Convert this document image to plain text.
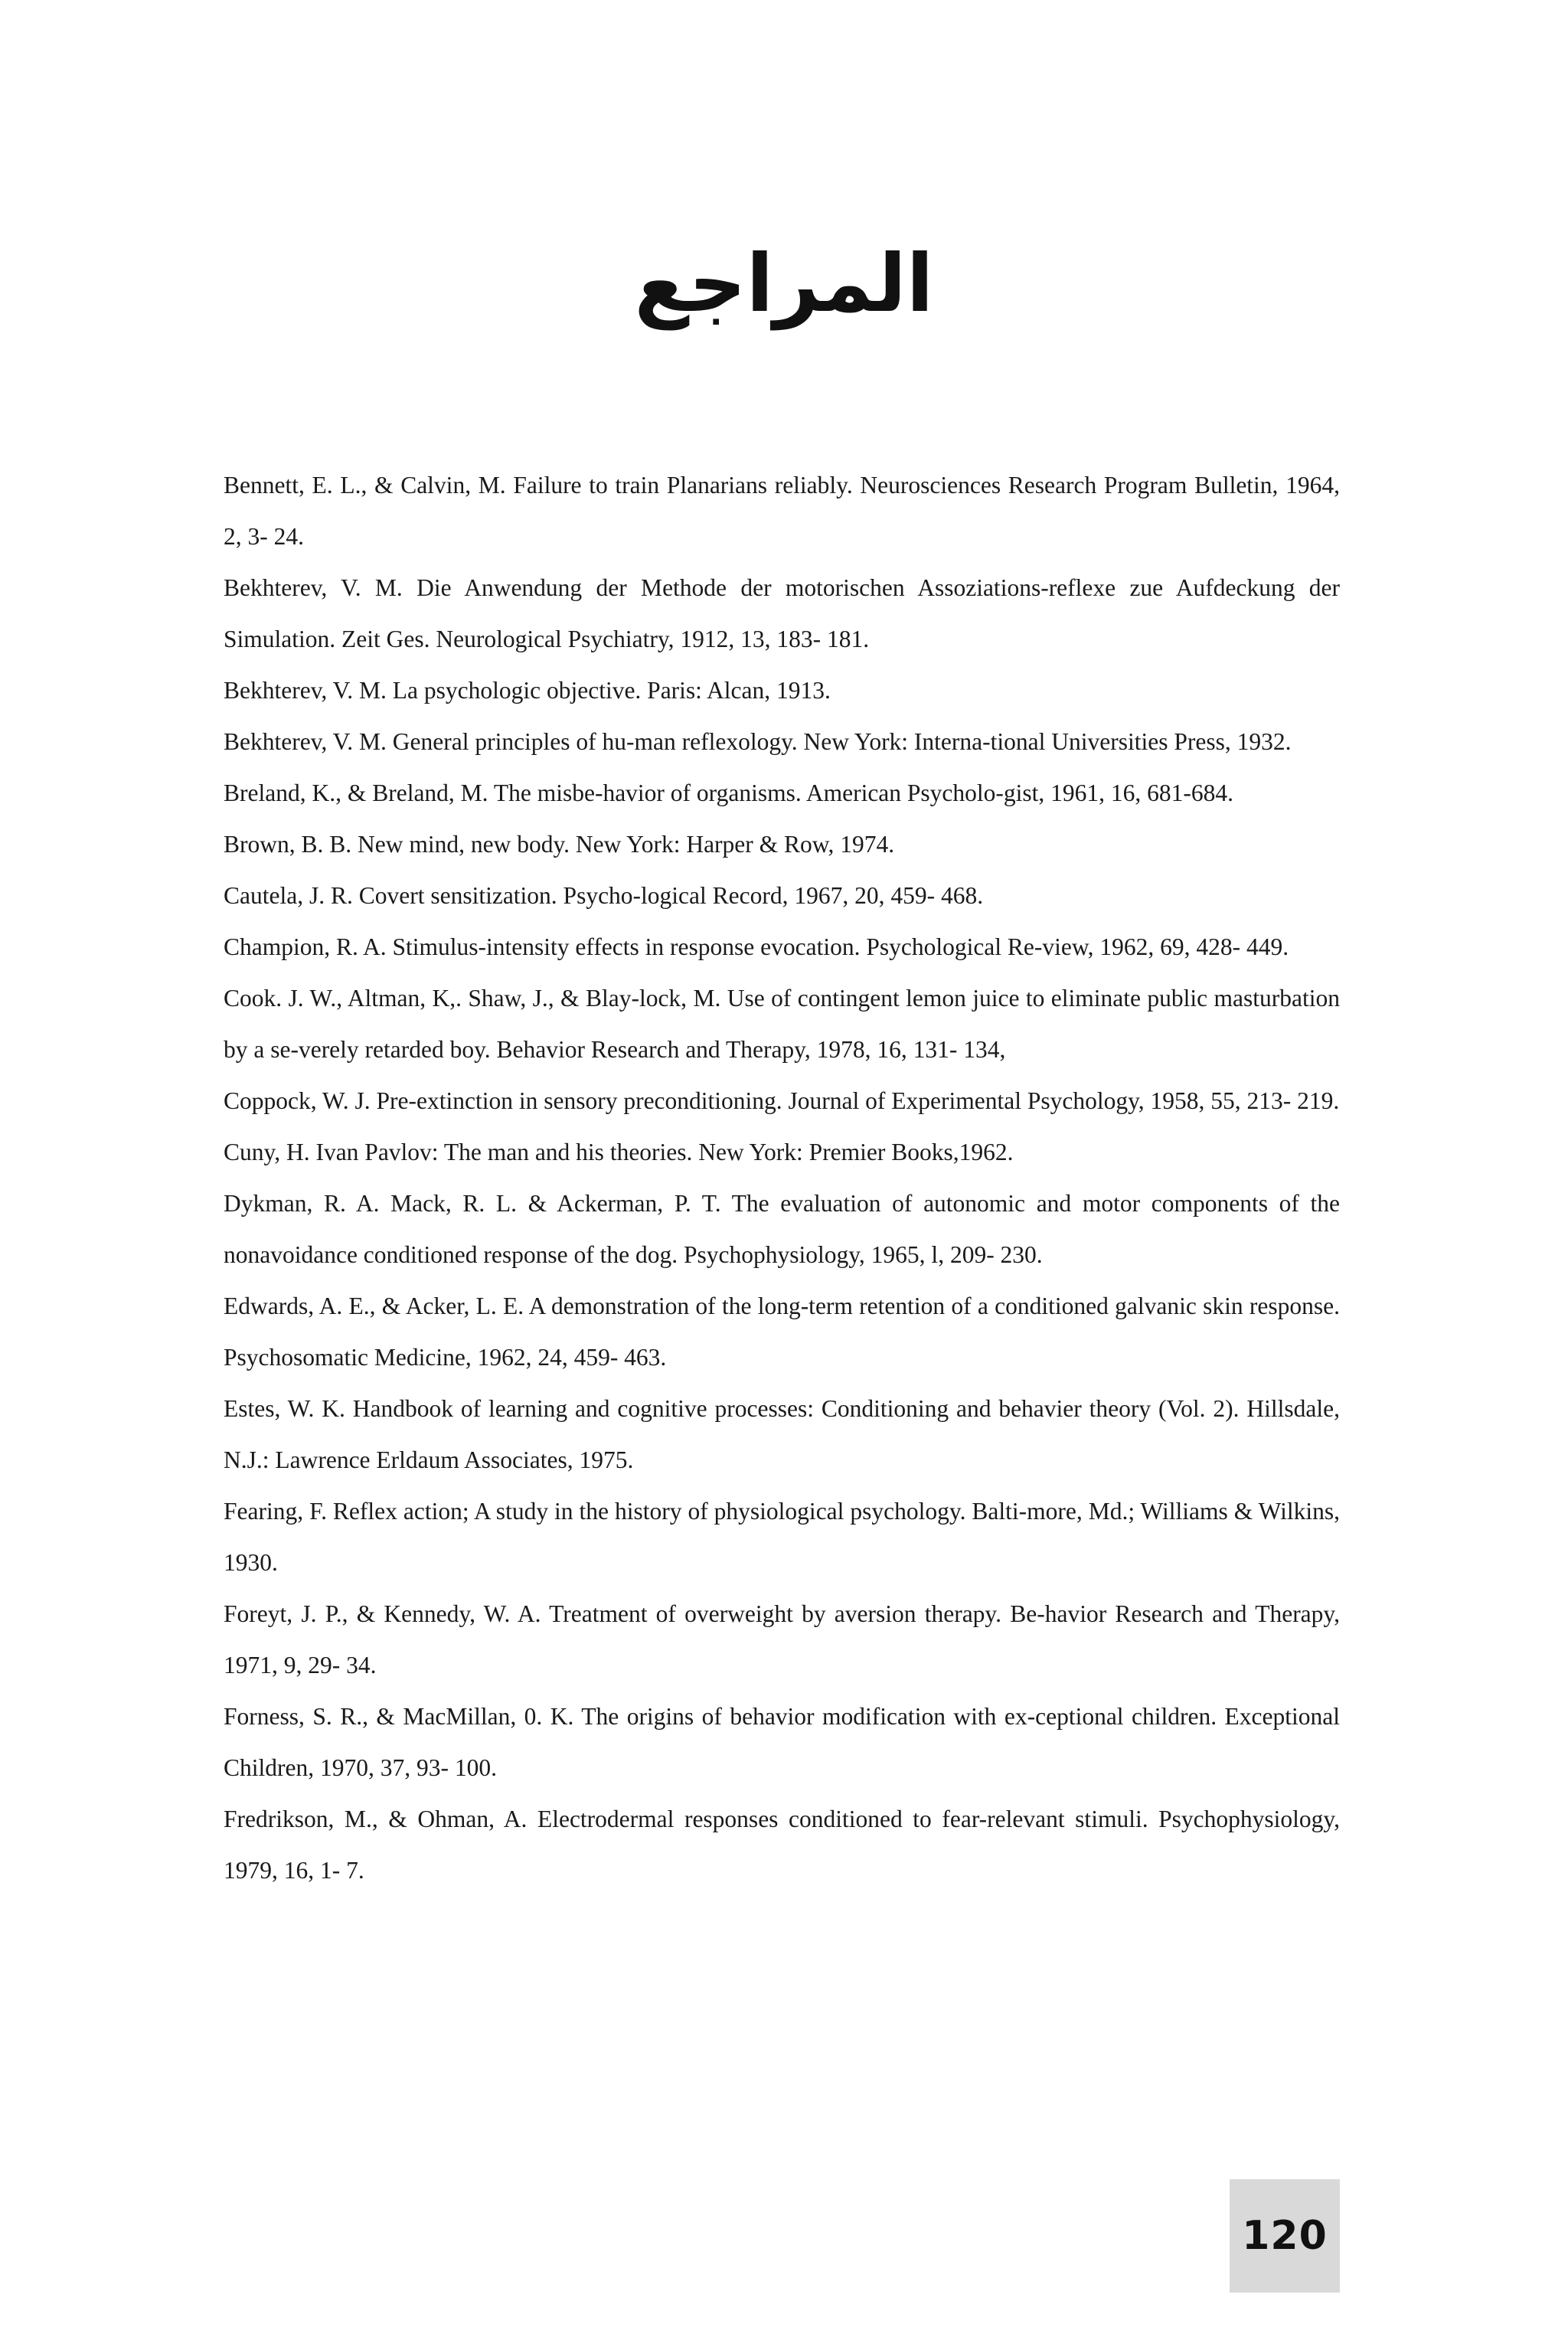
المراجع
Bennett, E. L., & Calvin, M. Failure to train Planarians reliably. Neurosciences Research Program Bulletin, 1964, 2, 3- 24.
Bekhterev, V. M. Die Anwendung der Methode der motorischen Assoziations-reflexe zue Aufdeckung der Simulation. Zeit Ges. Neurological Psychiatry, 1912, 13, 183- 181.
Bekhterev, V. M. La psychologic objective. Paris: Alcan, 1913.
Bekhterev, V. M. General principles of hu-man reflexology. New York: Interna-tional Universities Press, 1932.
Breland, K., & Breland, M. The misbe-havior of organisms. American Psycholo-gist, 1961, 16, 681-684.
Brown, B. B. New mind, new body. New York: Harper & Row, 1974.
Cautela, J. R. Covert sensitization. Psycho-logical Record, 1967, 20, 459- 468.
Champion, R. A. Stimulus-intensity effects in response evocation. Psychological Re-view, 1962, 69, 428- 449.
Cook. J. W., Altman, K,. Shaw, J., & Blay-lock, M. Use of contingent lemon juice to eliminate public masturbation by a se-verely retarded boy. Behavior Research and Therapy, 1978, 16, 131- 134,
Coppock, W. J. Pre-extinction in sensory preconditioning. Journal of Experimental Psychology, 1958, 55, 213- 219.
Cuny, H. Ivan Pavlov: The man and his theories. New York: Premier Books,1962.
Dykman, R. A. Mack, R. L. & Ackerman, P. T. The evaluation of autonomic and motor components of the nonavoidance conditioned response of the dog. Psychophysiology, 1965, l, 209- 230.
Edwards, A. E., & Acker, L. E. A demonstration of the long-term retention of a conditioned galvanic skin response. Psychosomatic Medicine, 1962, 24, 459- 463.
Estes, W. K. Handbook of learning and cognitive processes: Conditioning and behavier theory (Vol. 2). Hillsdale, N.J.: Lawrence Erldaum Associates, 1975.
Fearing, F. Reflex action; A study in the history of physiological psychology. Balti-more, Md.; Williams & Wilkins, 1930.
Foreyt, J. P., & Kennedy, W. A. Treatment of overweight by aversion therapy. Be-havior Research and Therapy, 1971, 9, 29- 34.
Forness, S. R., & MacMillan, 0. K. The origins of behavior modification with ex-ceptional children. Exceptional Children, 1970, 37, 93- 100.
Fredrikson, M., & Ohman, A. Electrodermal responses conditioned to fear-relevant stimuli. Psychophysiology, 1979, 16, 1- 7.
120
